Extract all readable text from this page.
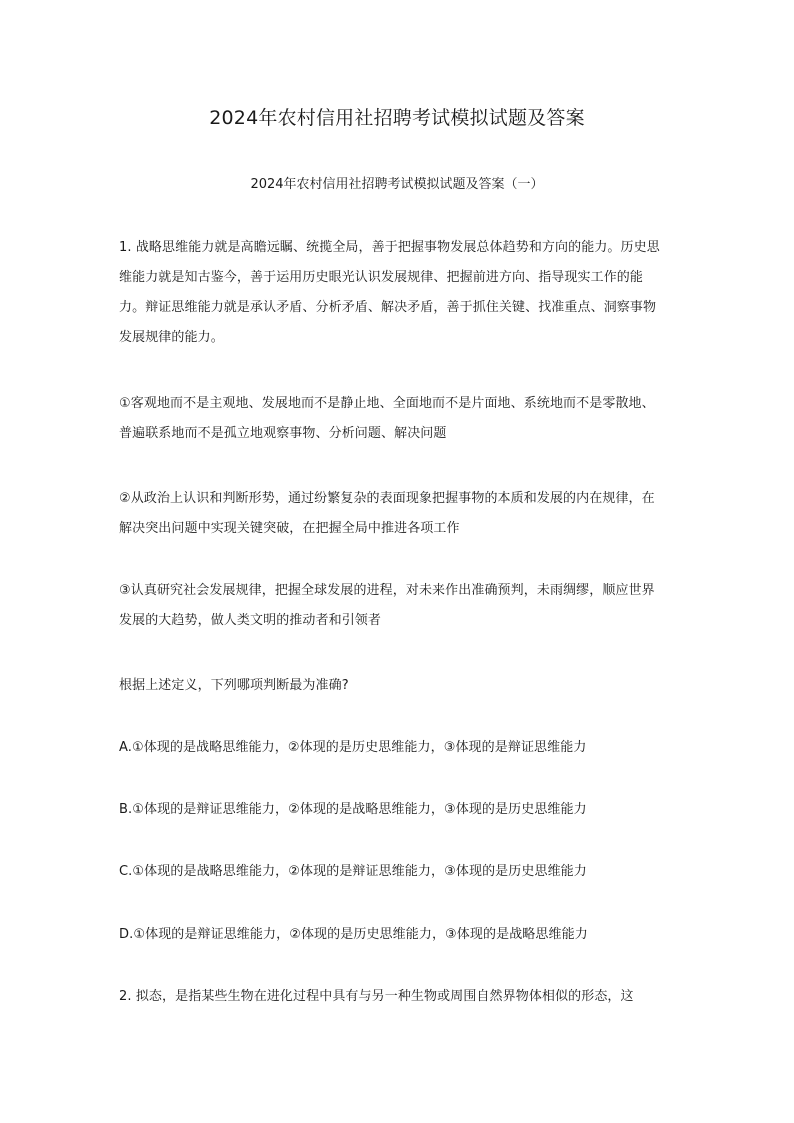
2024年农村信用社招聘考试模拟试题及答案
2024年农村信用社招聘考试模拟试题及答案（一）

1. 战略思维能力就是高瞻远瞩、统揽全局，善于把握事物发展总体趋势和方向的能力。历史思维能力就是知古鉴今，善于运用历史眼光认识发展规律、把握前进方向、指导现实工作的能力。辩证思维能力就是承认矛盾、分析矛盾、解决矛盾，善于抓住关键、找准重点、洞察事物发展规律的能力。

①客观地而不是主观地、发展地而不是静止地、全面地而不是片面地、系统地而不是零散地、普遍联系地而不是孤立地观察事物、分析问题、解决问题

②从政治上认识和判断形势，通过纷繁复杂的表面现象把握事物的本质和发展的内在规律，在解决突出问题中实现关键突破，在把握全局中推进各项工作

③认真研究社会发展规律，把握全球发展的进程，对未来作出准确预判，未雨绸缪，顺应世界发展的大趋势，做人类文明的推动者和引领者

根据上述定义，下列哪项判断最为准确?

A.①体现的是战略思维能力，②体现的是历史思维能力，③体现的是辩证思维能力

B.①体现的是辩证思维能力，②体现的是战略思维能力，③体现的是历史思维能力

C.①体现的是战略思维能力，②体现的是辩证思维能力，③体现的是历史思维能力

D.①体现的是辩证思维能力，②体现的是历史思维能力，③体现的是战略思维能力

2. 拟态，是指某些生物在进化过程中具有与另一种生物或周围自然界物体相似的形态，这
